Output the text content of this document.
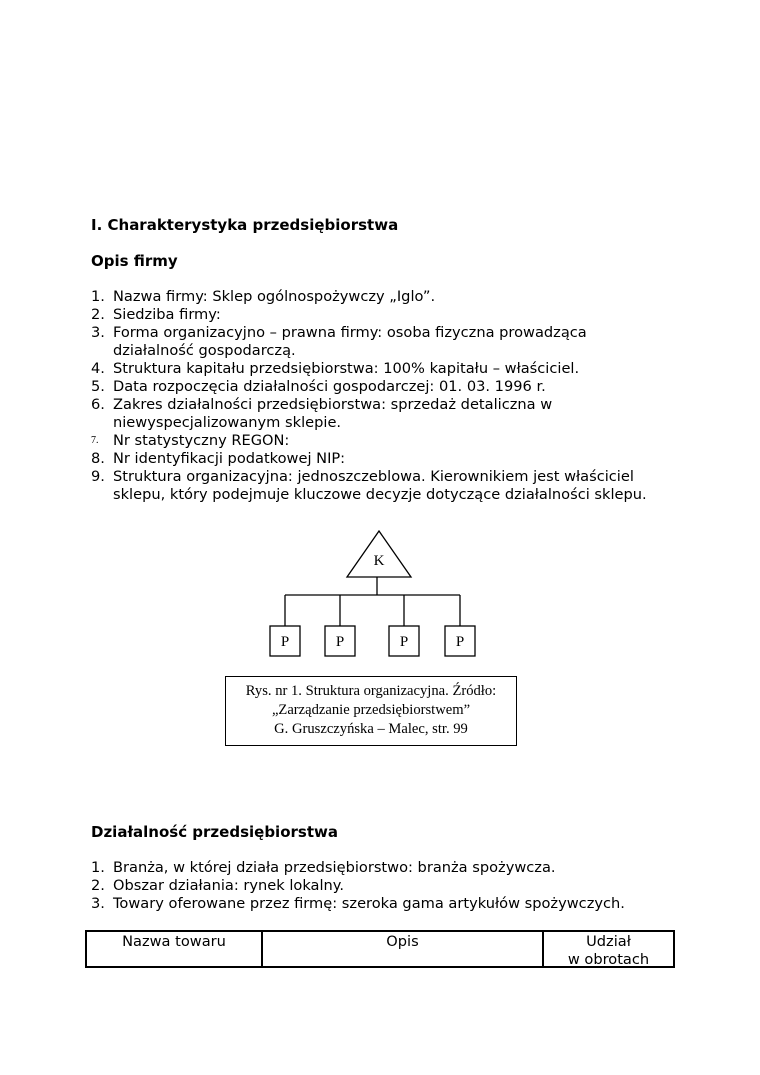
I. Charakterystyka przedsiębiorstwa
Opis firmy
1. Nazwa firmy: Sklep ogólnospożywczy „Iglo”.
2. Siedziba firmy:
3. Forma organizacyjno – prawna firmy: osoba fizyczna prowadząca działalność gospodarczą.
4. Struktura kapitału przedsiębiorstwa: 100% kapitału – właściciel.
5. Data rozpoczęcia działalności gospodarczej: 01. 03. 1996 r.
6. Zakres działalności przedsiębiorstwa: sprzedaż detaliczna w niewyspecjalizowanym sklepie.
7. Nr statystyczny REGON:
8. Nr identyfikacji podatkowej NIP:
9. Struktura organizacyjna: jednoszczeblowa. Kierownikiem jest właściciel sklepu, który podejmuje kluczowe decyzje dotyczące działalności sklepu.
K
P	P	P	P
Rys. nr 1. Struktura organizacyjna. Źródło:
„Zarządzanie przedsiębiorstwem”
G. Gruszczyńska – Malec, str. 99
Działalność przedsiębiorstwa
1. Branża, w której działa przedsiębiorstwo: branża spożywcza.
2. Obszar działania: rynek lokalny.
3. Towary oferowane przez firmę: szeroka gama artykułów spożywczych.
Nazwa towaru	Opis	Udział
w obrotach
